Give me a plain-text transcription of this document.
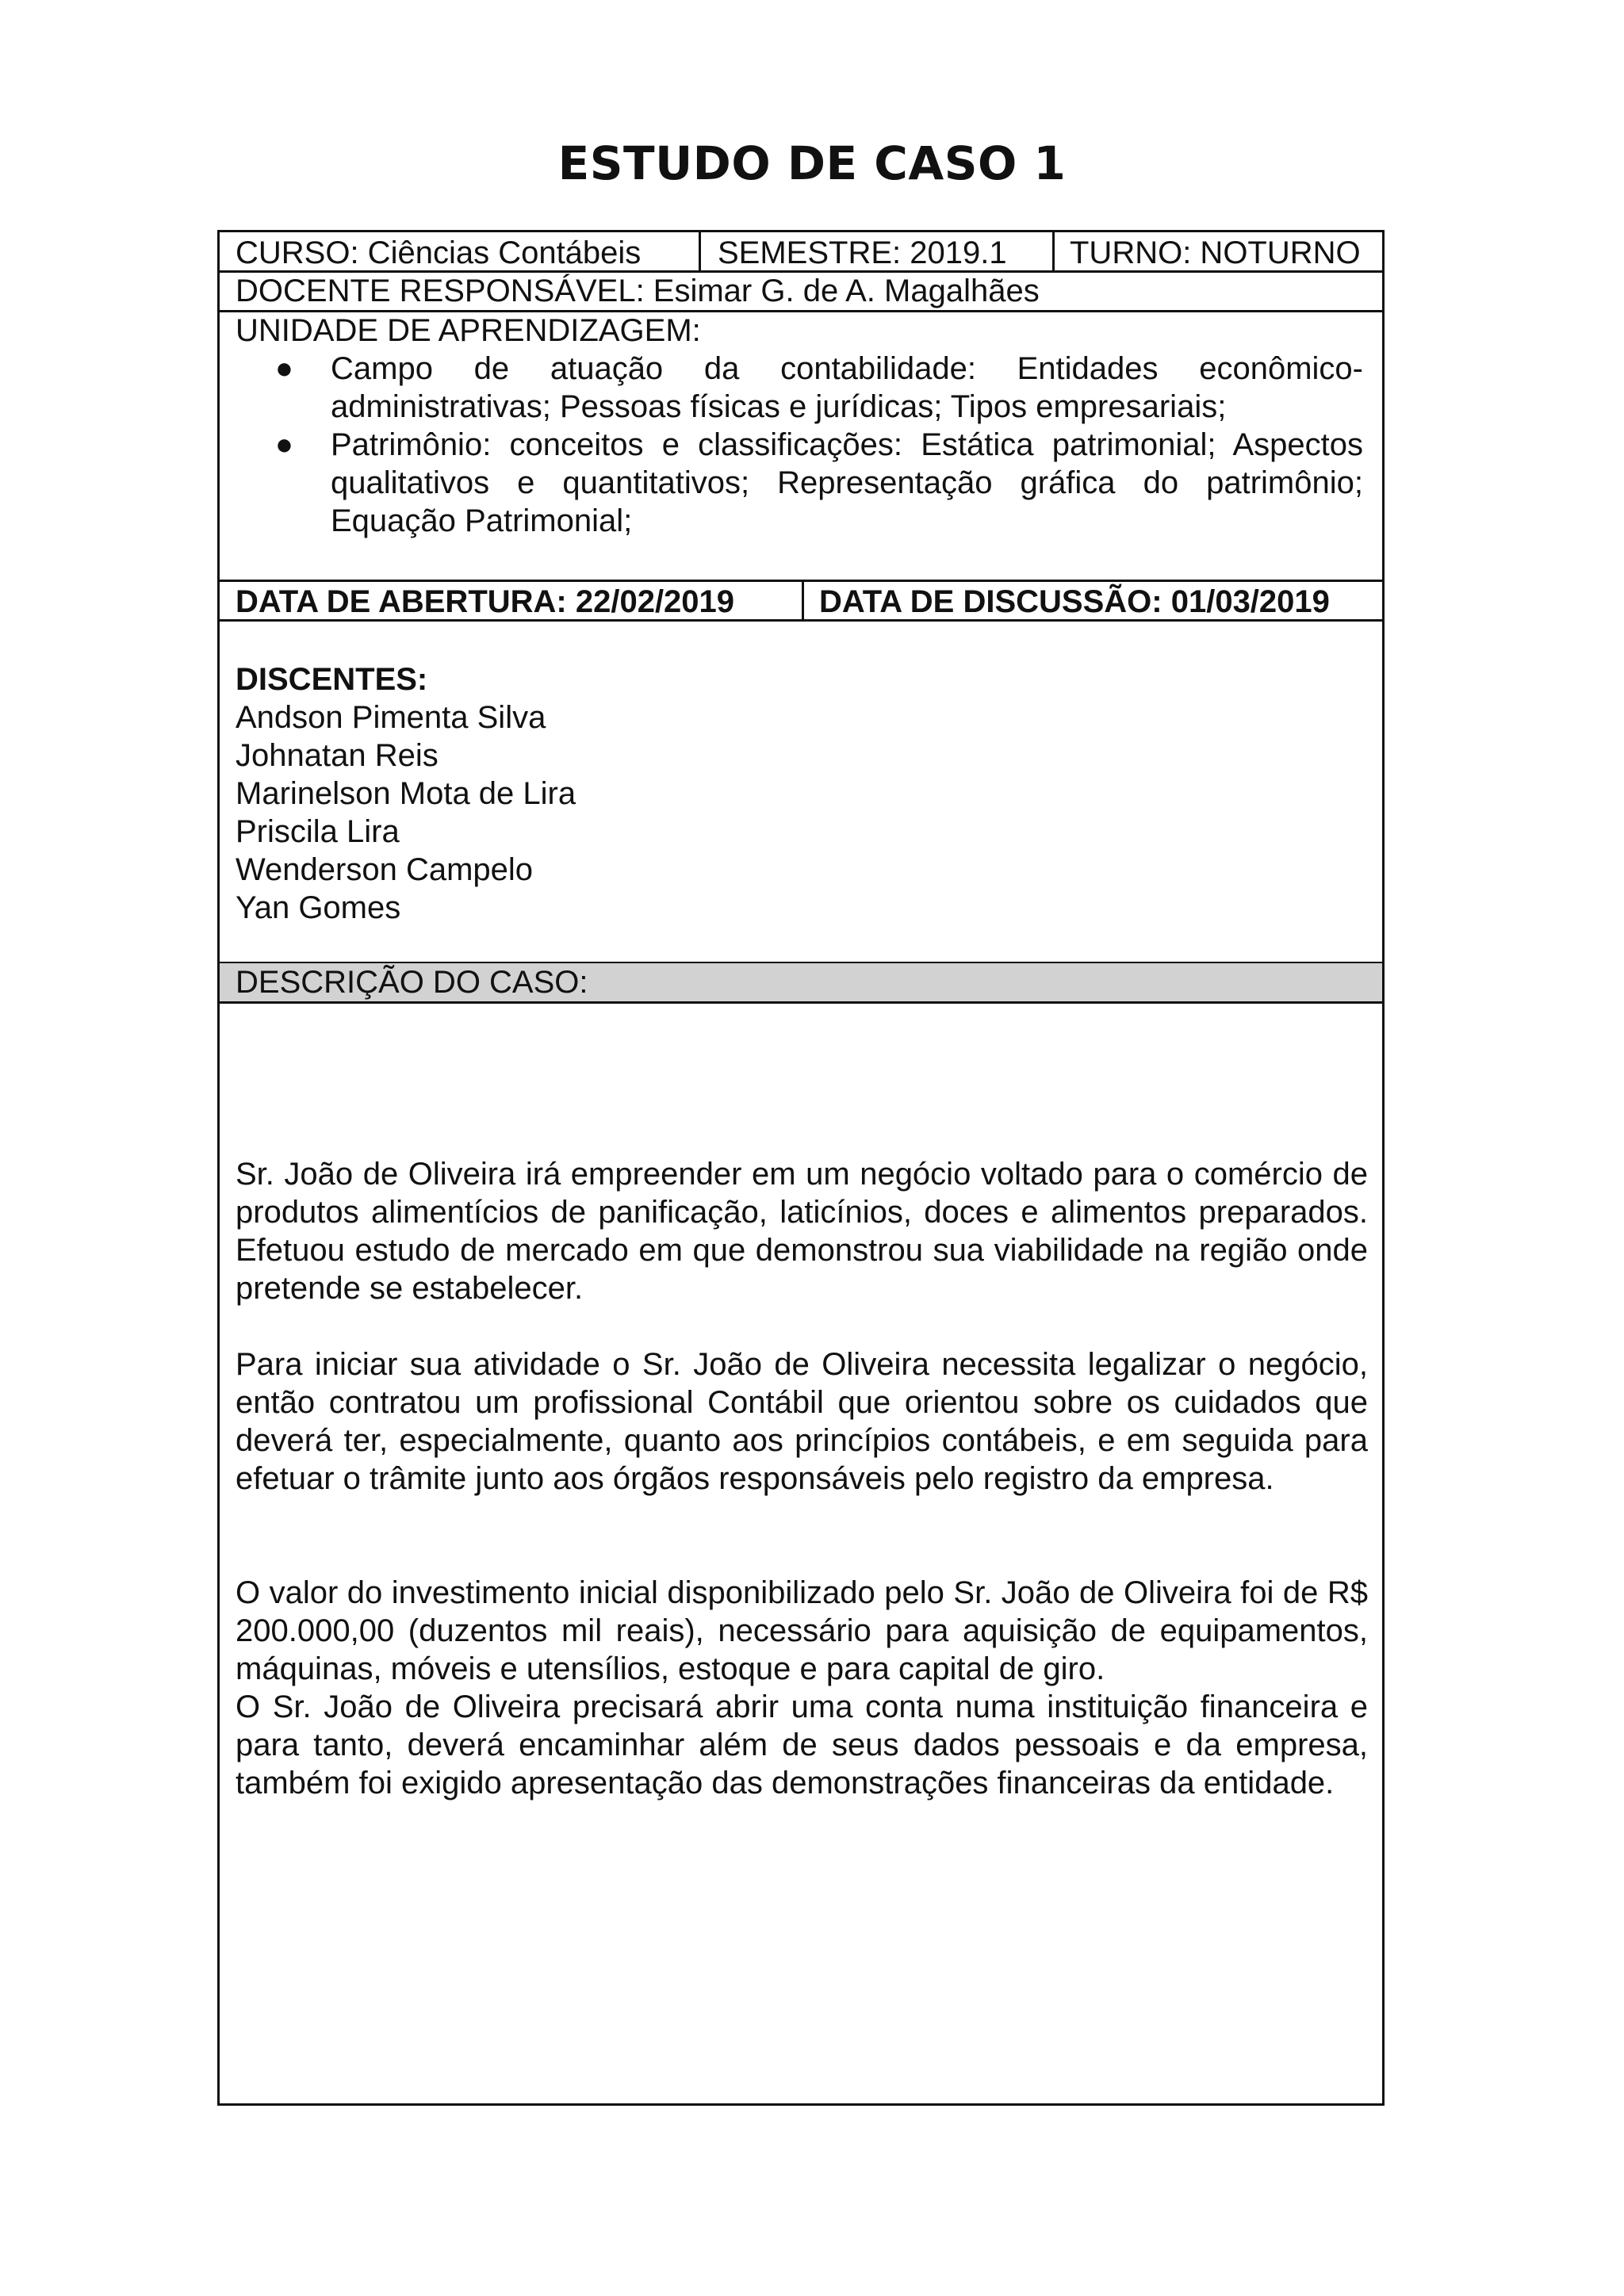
ESTUDO DE CASO 1
CURSO: Ciências Contábeis SEMESTRE: 2019.1 TURNO: NOTURNO
DOCENTE RESPONSÁVEL: Esimar G. de A. Magalhães
UNIDADE DE APRENDIZAGEM:
● Campo de atuação da contabilidade: Entidades econômico-administrativas; Pessoas físicas e jurídicas; Tipos empresariais;
● Patrimônio: conceitos e classificações: Estática patrimonial; Aspectos qualitativos e quantitativos; Representação gráfica do patrimônio; Equação Patrimonial;
DATA DE ABERTURA: 22/02/2019	DATA DE DISCUSSÃO: 01/03/2019
DISCENTES:
Andson Pimenta Silva
Johnatan Reis
Marinelson Mota de Lira
Priscila Lira
Wenderson Campelo
Yan Gomes
DESCRIÇÃO DO CASO:
Sr. João de Oliveira irá empreender em um negócio voltado para o comércio de produtos alimentícios de panificação, laticínios, doces e alimentos preparados. Efetuou estudo de mercado em que demonstrou sua viabilidade na região onde pretende se estabelecer.
Para iniciar sua atividade o Sr. João de Oliveira necessita legalizar o negócio, então contratou um profissional Contábil que orientou sobre os cuidados que deverá ter, especialmente, quanto aos princípios contábeis, e em seguida para efetuar o trâmite junto aos órgãos responsáveis pelo registro da empresa.
O valor do investimento inicial disponibilizado pelo Sr. João de Oliveira foi de R$ 200.000,00 (duzentos mil reais), necessário para aquisição de equipamentos, máquinas, móveis e utensílios, estoque e para capital de giro.
O Sr. João de Oliveira precisará abrir uma conta numa instituição financeira e para tanto, deverá encaminhar além de seus dados pessoais e da empresa, também foi exigido apresentação das demonstrações financeiras da entidade.
